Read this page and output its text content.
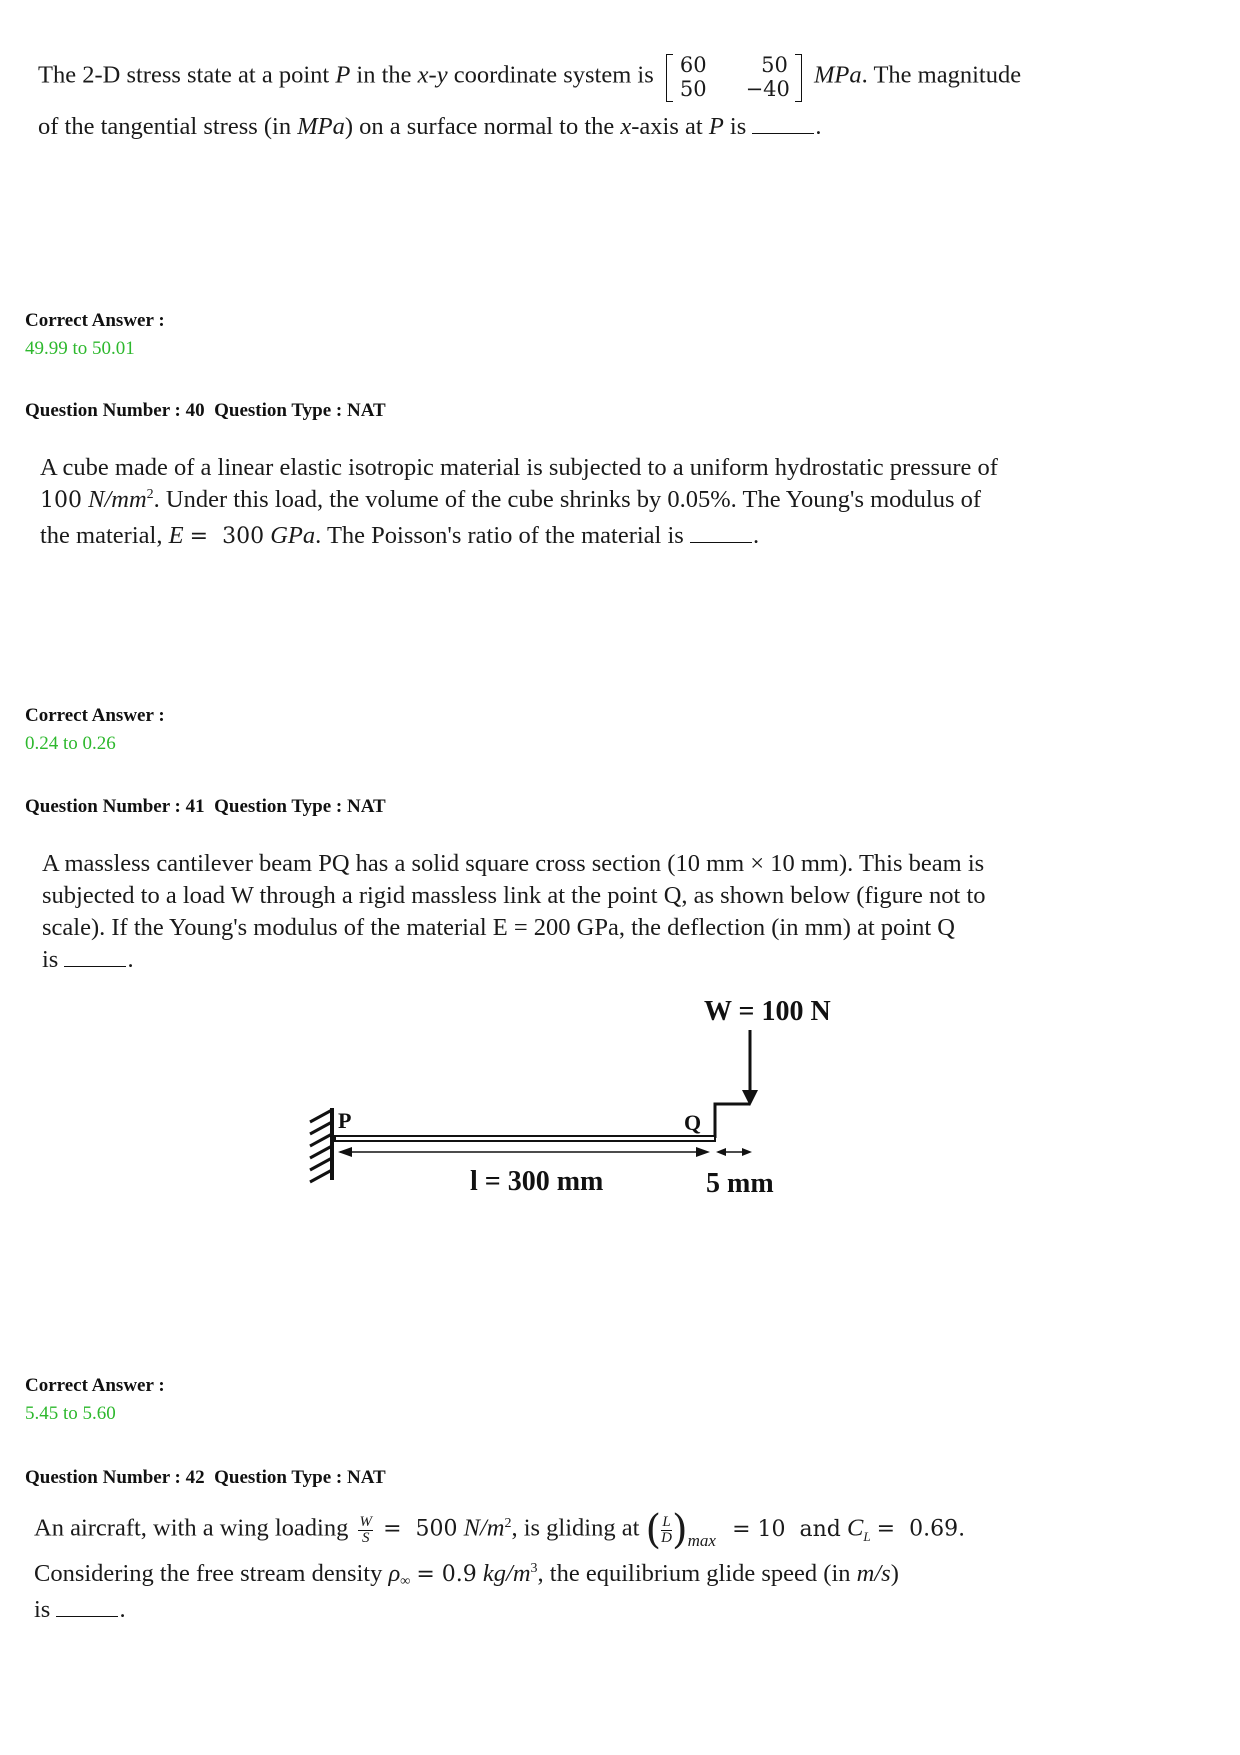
The 2-D stress state at a point P in the x-y coordinate system is 60	50
50 −40
MPa. The magnitude
of the tangential stress (in MPa) on a surface normal to the x-axis at P is	.
Correct Answer :
49.99 to 50.01
Question Number : 40  Question Type : NAT
A cube made of a linear elastic isotropic material is subjected to a uniform hydrostatic pressure of
100 $N/mm^2$. Under this load, the volume of the cube shrinks by 0.05%. The Young's modulus of
the material, E =  300 GPa. The Poisson's ratio of the material is	.
Correct Answer :
0.24 to 0.26
Question Number : 41  Question Type : NAT
A massless cantilever beam PQ has a solid square cross section (10 mm × 10 mm). This beam is
subjected to a load W through a rigid massless link at the point Q, as shown below (figure not to
scale). If the Young's modulus of the material E = 200 GPa, the deflection (in mm) at point Q
is	.
W = 100 N
P	Q
l = 300 mm	5 mm
Correct Answer :
5.45 to 5.60
Question Number : 42  Question Type : NAT
An aircraft, with a wing loading $\frac{W}{S} = 500$ $N/m^2$, is gliding at ( $\frac{L}{D} )_{max} = 10$  and $C_L = 0.69$.
Considering the free stream density ρ∞ = 0.9 $kg/m^3$, the equilibrium glide speed (in m/s)
is	.
